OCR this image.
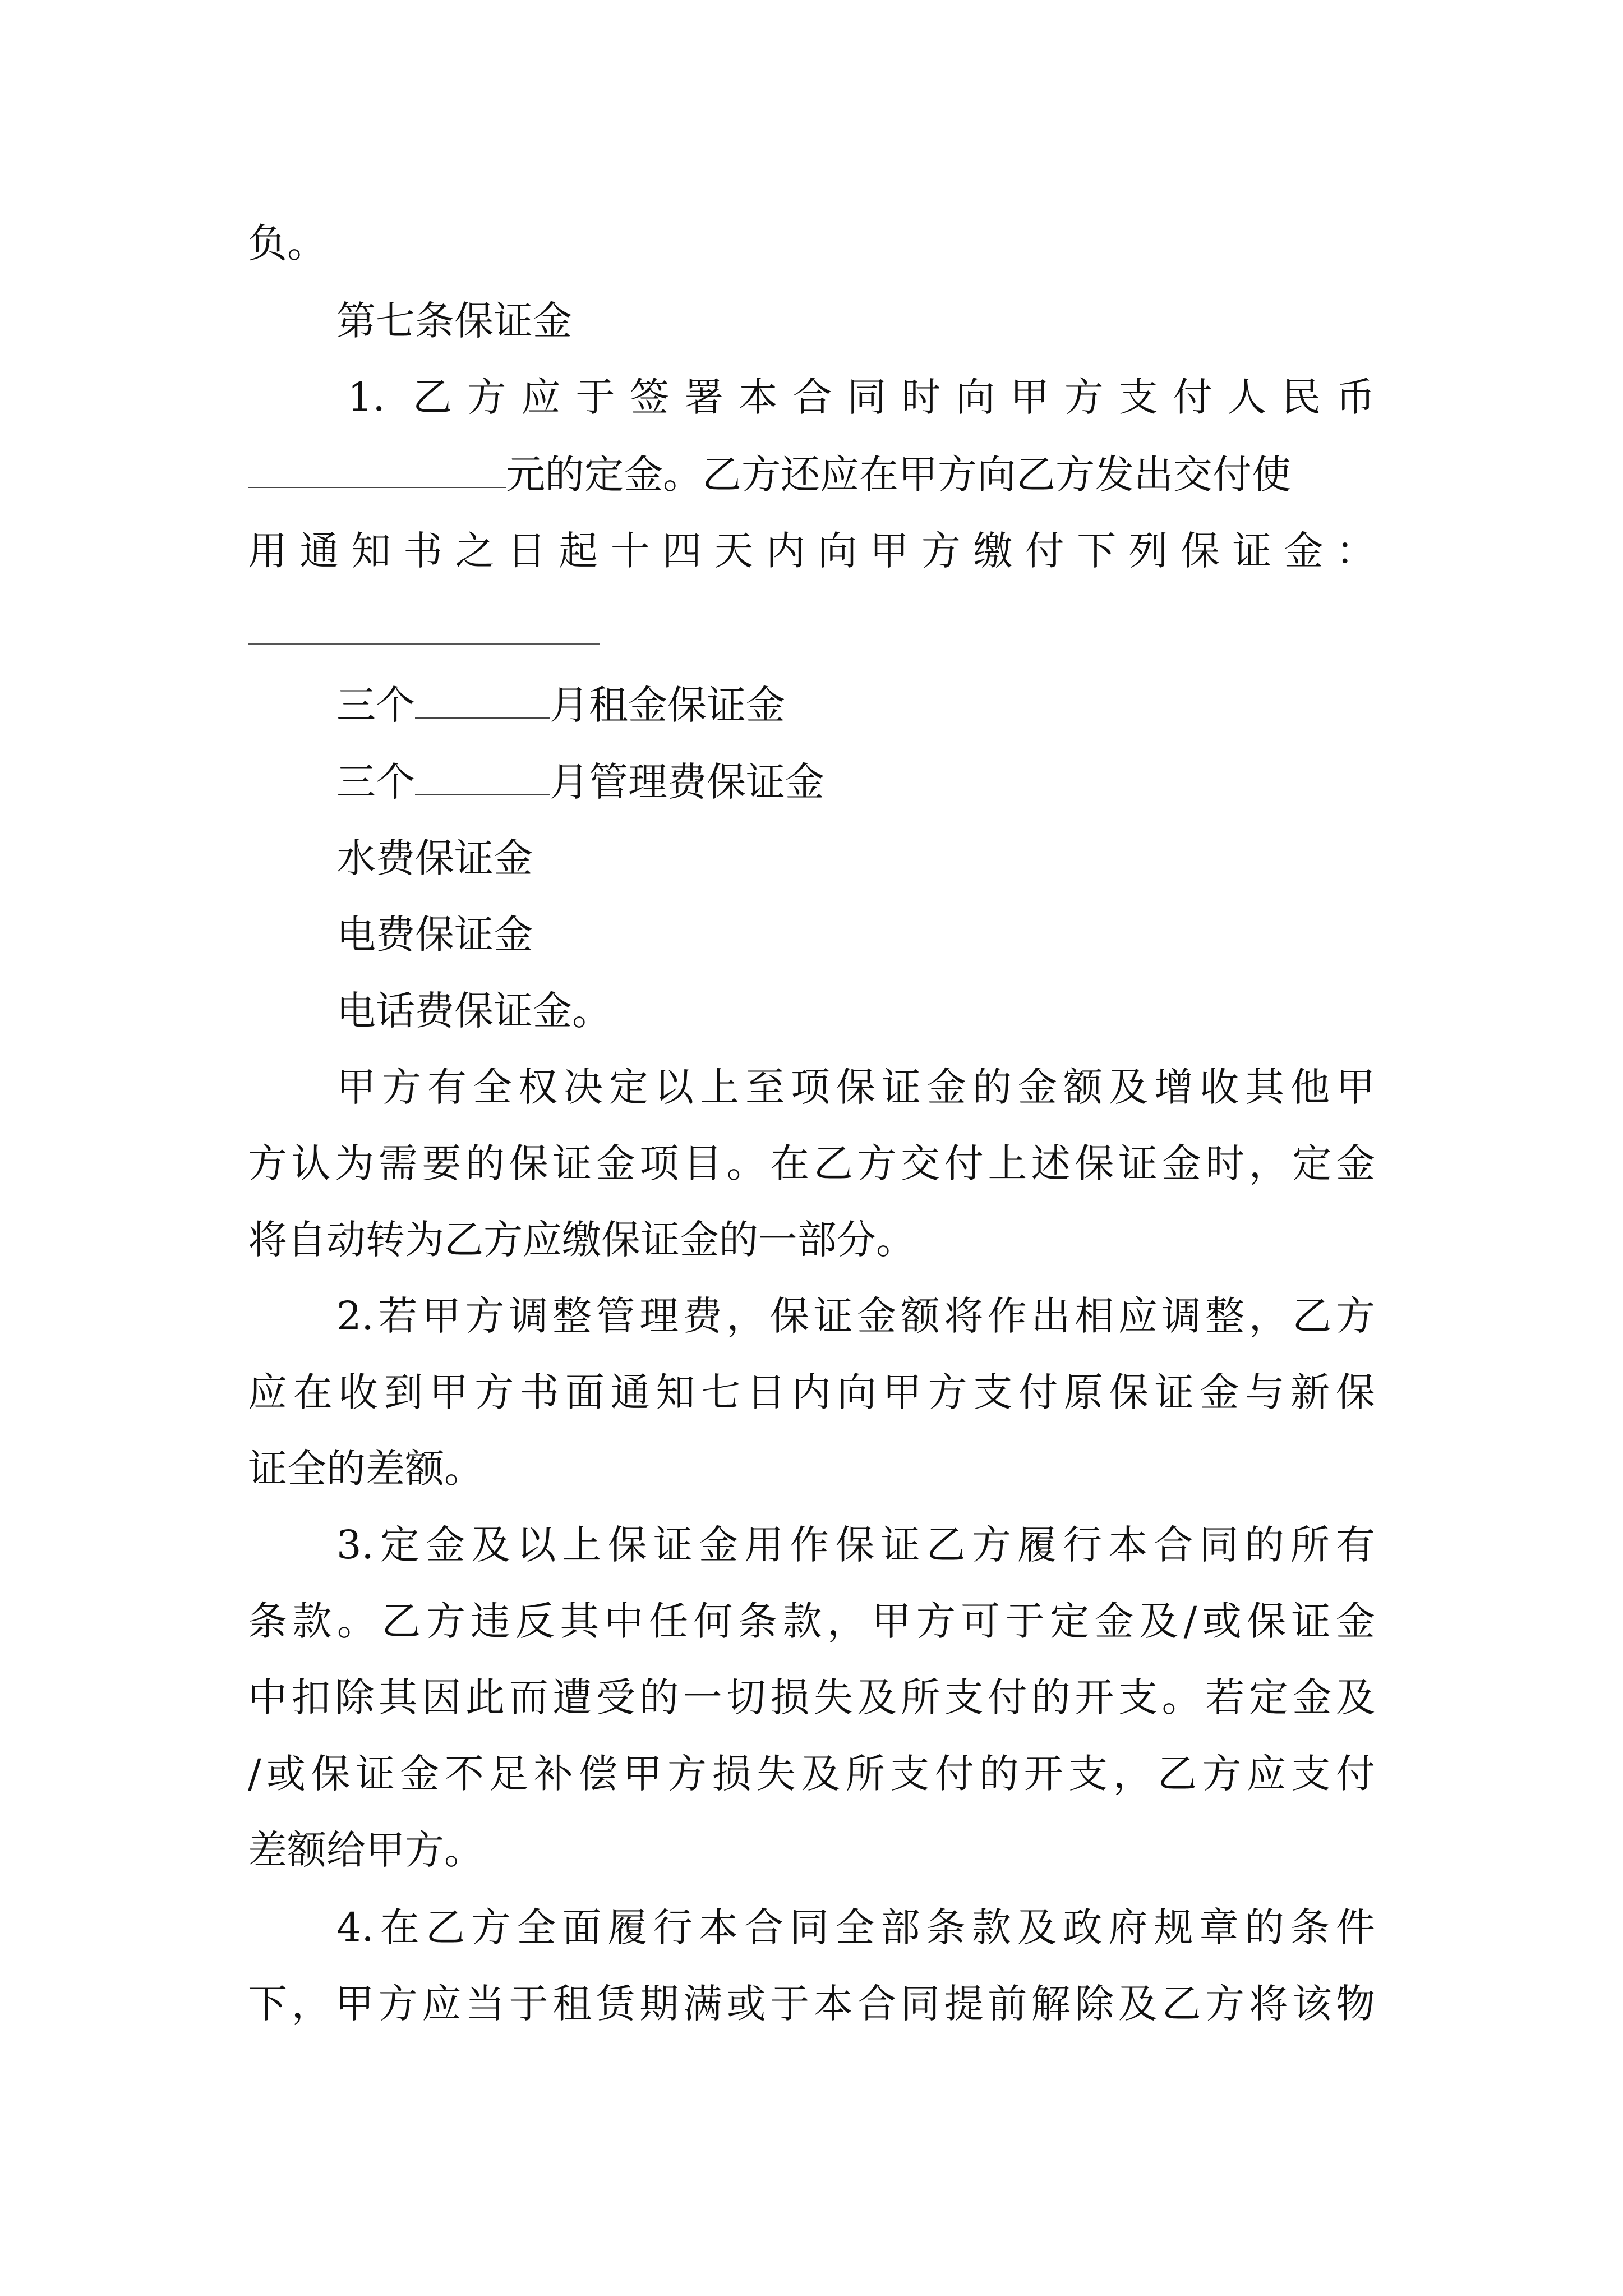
负。
第七条保证金
1. 乙方应于签署本合同时向甲方支付人民币
元的定金。乙方还应在甲方向乙方发出交付使
用通知书之日起十四天内向甲方缴付下列保证金：
三个	月租金保证金
三个	月管理费保证金
水费保证金
电费保证金
电话费保证金。
甲方有全权决定以上至项保证金的金额及增收其他甲
方认为需要的保证金项目。在乙方交付上述保证金时，定金
将自动转为乙方应缴保证金的一部分。
2.若甲方调整管理费，保证金额将作出相应调整，乙方
应在收到甲方书面通知七日内向甲方支付原保证金与新保
证全的差额。
3.定金及以上保证金用作保证乙方履行本合同的所有
条款。乙方违反其中任何条款，甲方可于定金及/或保证金
中扣除其因此而遭受的一切损失及所支付的开支。若定金及
/或保证金不足补偿甲方损失及所支付的开支，乙方应支付
差额给甲方。
4.在乙方全面履行本合同全部条款及政府规章的条件
下，甲方应当于租赁期满或于本合同提前解除及乙方将该物
